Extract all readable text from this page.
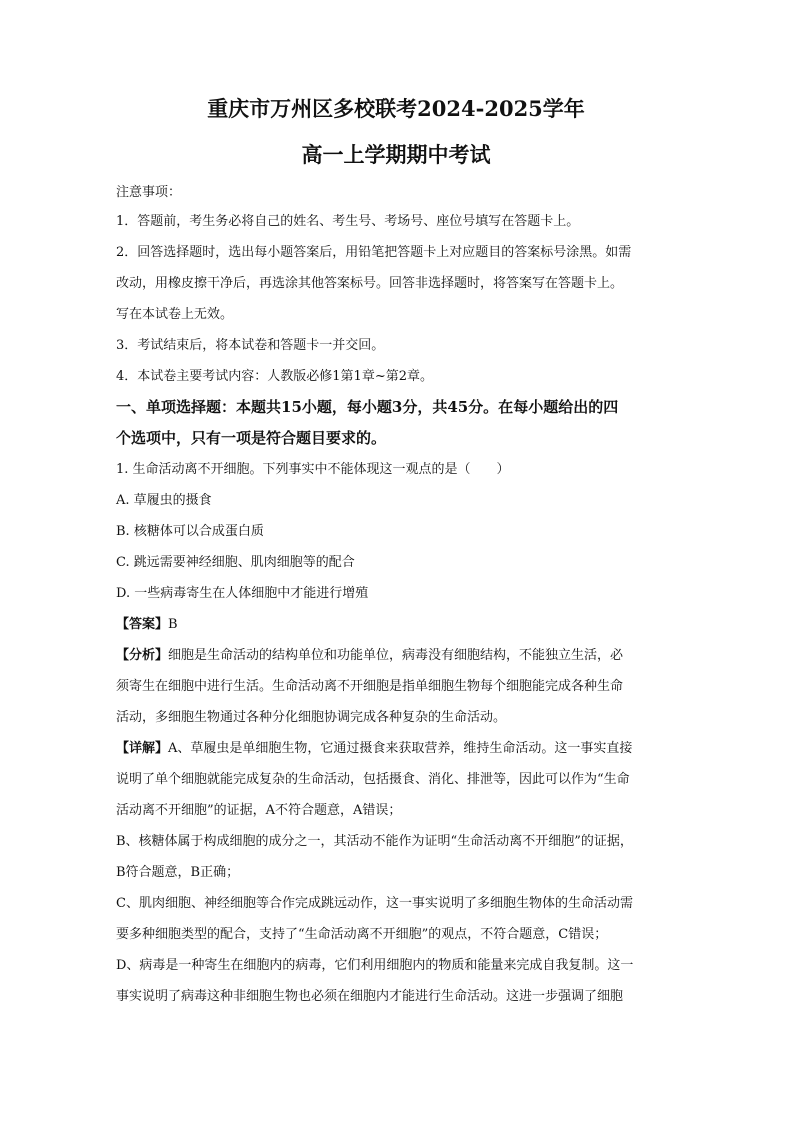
重庆市万州区多校联考2024-2025学年
高一上学期期中考试
注意事项：
1．答题前，考生务必将自己的姓名、考生号、考场号、座位号填写在答题卡上。
2．回答选择题时，选出每小题答案后，用铅笔把答题卡上对应题目的答案标号涂黑。如需
改动，用橡皮擦干净后，再选涂其他答案标号。回答非选择题时，将答案写在答题卡上。
写在本试卷上无效。
3．考试结束后，将本试卷和答题卡一并交回。
4．本试卷主要考试内容：人教版必修1第1章~第2章。
一、单项选择题：本题共15小题，每小题3分，共45分。在每小题给出的四
个选项中，只有一项是符合题目要求的。
1. 生命活动离不开细胞。下列事实中不能体现这一观点的是（　　）
A. 草履虫的摄食
B. 核糖体可以合成蛋白质
C. 跳远需要神经细胞、肌肉细胞等的配合
D. 一些病毒寄生在人体细胞中才能进行增殖
【答案】B
【分析】细胞是生命活动的结构单位和功能单位，病毒没有细胞结构，不能独立生活，必
须寄生在细胞中进行生活。生命活动离不开细胞是指单细胞生物每个细胞能完成各种生命
活动，多细胞生物通过各种分化细胞协调完成各种复杂的生命活动。
【详解】A、草履虫是单细胞生物，它通过摄食来获取营养，维持生命活动。这一事实直接
说明了单个细胞就能完成复杂的生命活动，包括摄食、消化、排泄等，因此可以作为“生命
活动离不开细胞”的证据，A不符合题意，A错误；
B、核糖体属于构成细胞的成分之一，其活动不能作为证明“生命活动离不开细胞”的证据，
B符合题意，B正确；
C、肌肉细胞、神经细胞等合作完成跳远动作，这一事实说明了多细胞生物体的生命活动需
要多种细胞类型的配合，支持了“生命活动离不开细胞”的观点，不符合题意，C错误；
D、病毒是一种寄生在细胞内的病毒，它们利用细胞内的物质和能量来完成自我复制。这一
事实说明了病毒这种非细胞生物也必须在细胞内才能进行生命活动。这进一步强调了细胞
